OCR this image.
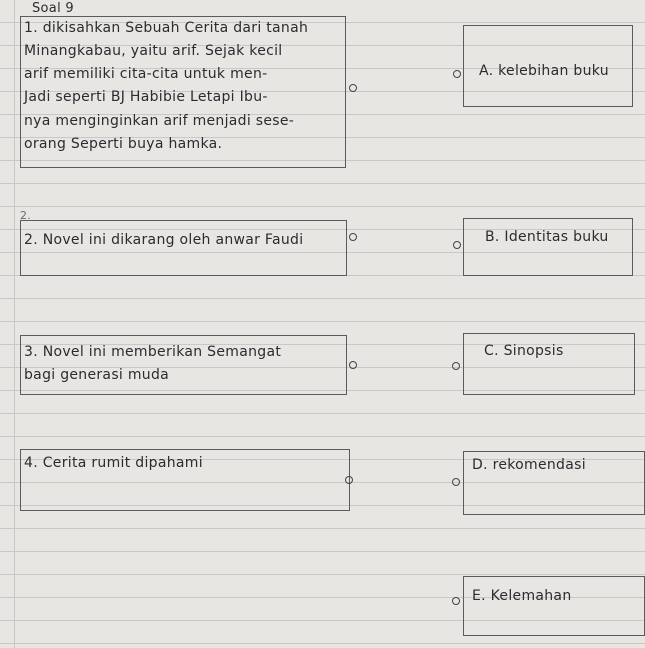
Soal 9
1. dikisahkan Sebuah Cerita dari tanah
Minangkabau, yaitu arif. Sejak kecil
arif memiliki cita-cita untuk men-
Jadi seperti BJ Habibie Letapi Ibu-
nya menginginkan arif menjadi sese-
orang Seperti buya hamka.
A. kelebihan buku
2.
2. Novel ini dikarang oleh anwar Faudi	B. Identitas buku
3. Novel ini memberikan Semangat
bagi generasi muda
C. Sinopsis
4. Cerita rumit dipahami	D. rekomendasi
E. Kelemahan
